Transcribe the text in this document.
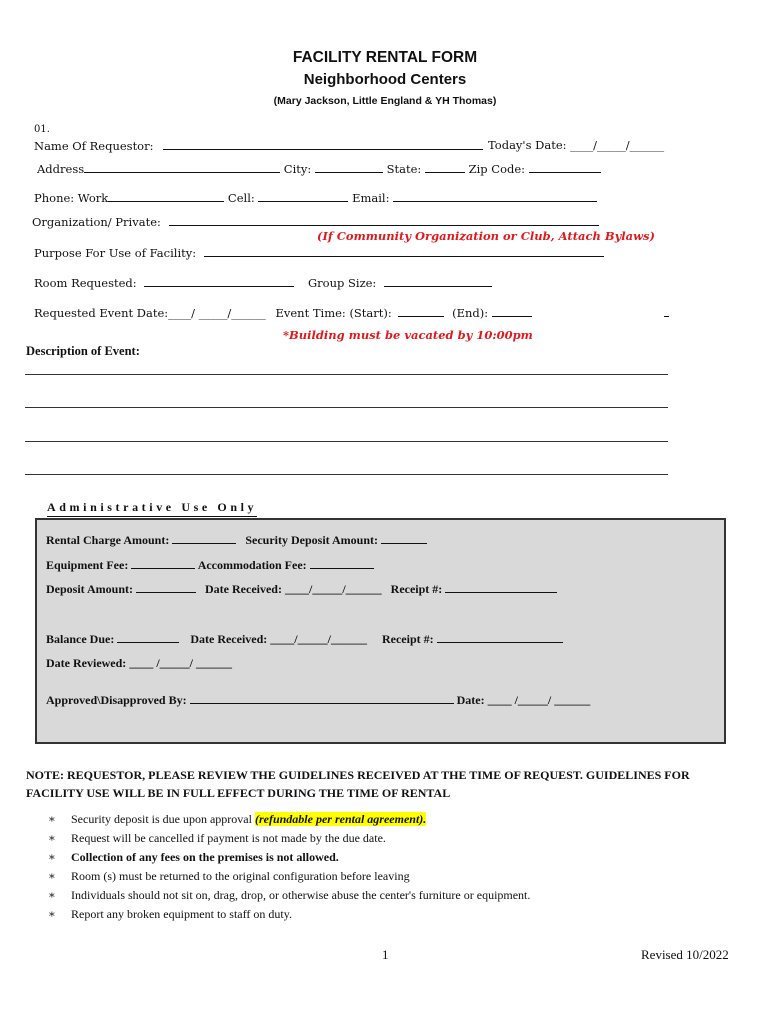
FACILITY RENTAL FORM
Neighborhood Centers
(Mary Jackson, Little England & YH Thomas)
01.
Name Of Requestor:	Today's Date: ____/_____/______
Address	City:	State:	Zip Code:
Phone: Work	Cell:	Email:
Organization/ Private:
(If Community Organization or Club, Attach Bylaws)
Purpose For Use of Facility:
Room Requested:	Group Size:
Requested Event Date:____/ _____/______ Event Time: (Start):	(End):
*Building must be vacated by 10:00pm
Description of Event:
Administrative Use Only
Rental Charge Amount:	Security Deposit Amount:
Equipment Fee:	Accommodation Fee:
Deposit Amount:	Date Received: ____/_____/______ Receipt #:
Balance Due:	Date Received: ____/_____/______ Receipt #:
Date Reviewed: ____ /_____/ ______
Approved\Disapproved By:	Date: ____ /_____/ ______
NOTE: REQUESTOR, PLEASE REVIEW THE GUIDELINES RECEIVED AT THE TIME OF REQUEST. GUIDELINES FOR
FACILITY USE WILL BE IN FULL EFFECT DURING THE TIME OF RENTAL
* Security deposit is due upon approval (refundable per rental agreement).
* Request will be cancelled if payment is not made by the due date.
* Collection of any fees on the premises is not allowed.
* Room (s) must be returned to the original configuration before leaving
* Individuals should not sit on, drag, drop, or otherwise abuse the center's furniture or equipment.
* Report any broken equipment to staff on duty.
1	Revised 10/2022
